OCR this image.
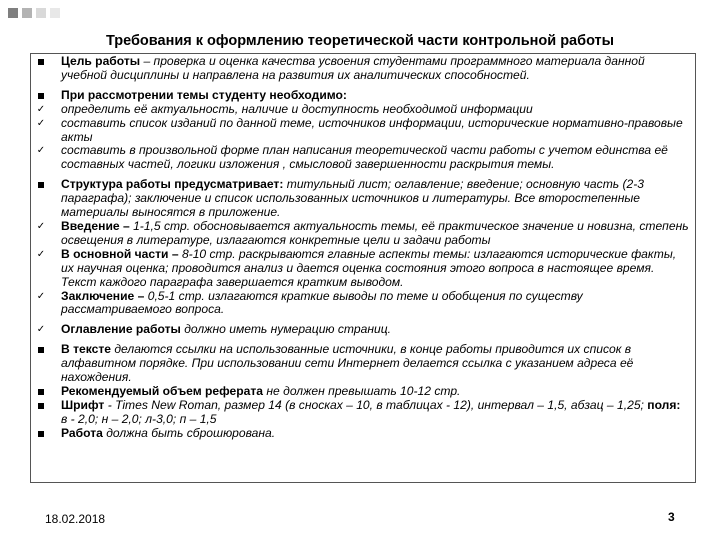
Требования к оформлению теоретической части контрольной работы
Цель работы – проверка и оценка качества усвоения студентами программного материала данной учебной дисциплины и направлена на развития их аналитических способностей.
При рассмотрении темы студенту необходимо:
✓ определить её актуальность, наличие и доступность необходимой информации
✓ составить список изданий по данной теме, источников информации, исторические нормативно-правовые акты
✓ составить в произвольной форме план написания теоретической части работы с учетом единства её составных частей, логики изложения , смысловой завершенности раскрытия темы.
Структура работы предусматривает: титульный лист; оглавление; введение; основную часть (2-3 параграфа); заключение и список использованных источников и литературы. Все второстепенные материалы выносятся в приложение.
✓ Введение – 1-1,5 стр. обосновывается актуальность темы, её практическое значение и новизна, степень освещения в литературе, излагаются конкретные цели и задачи работы
✓ В основной части – 8-10 стр. раскрываются главные аспекты темы: излагаются исторические факты, их научная оценка; проводится анализ и дается оценка состояния этого вопроса в настоящее время. Текст каждого параграфа завершается кратким выводом.
✓ Заключение – 0,5-1 стр. излагаются краткие выводы по теме и обобщения по существу рассматриваемого вопроса.
✓ Оглавление работы должно иметь нумерацию страниц.
В тексте делаются ссылки на использованные источники, в конце работы приводится их список в алфавитном порядке. При использовании сети Интернет делается ссылка с указанием адреса её нахождения.
Рекомендуемый объем реферата не должен превышать 10-12 стр.
Шрифт - Times New Roman, размер 14 (в сносках – 10, в таблицах - 12), интервал – 1,5, абзац – 1,25; поля: в - 2,0; н – 2,0; л-3,0; п – 1,5
Работа должна быть сброшюрована.
18.02.2018	3
